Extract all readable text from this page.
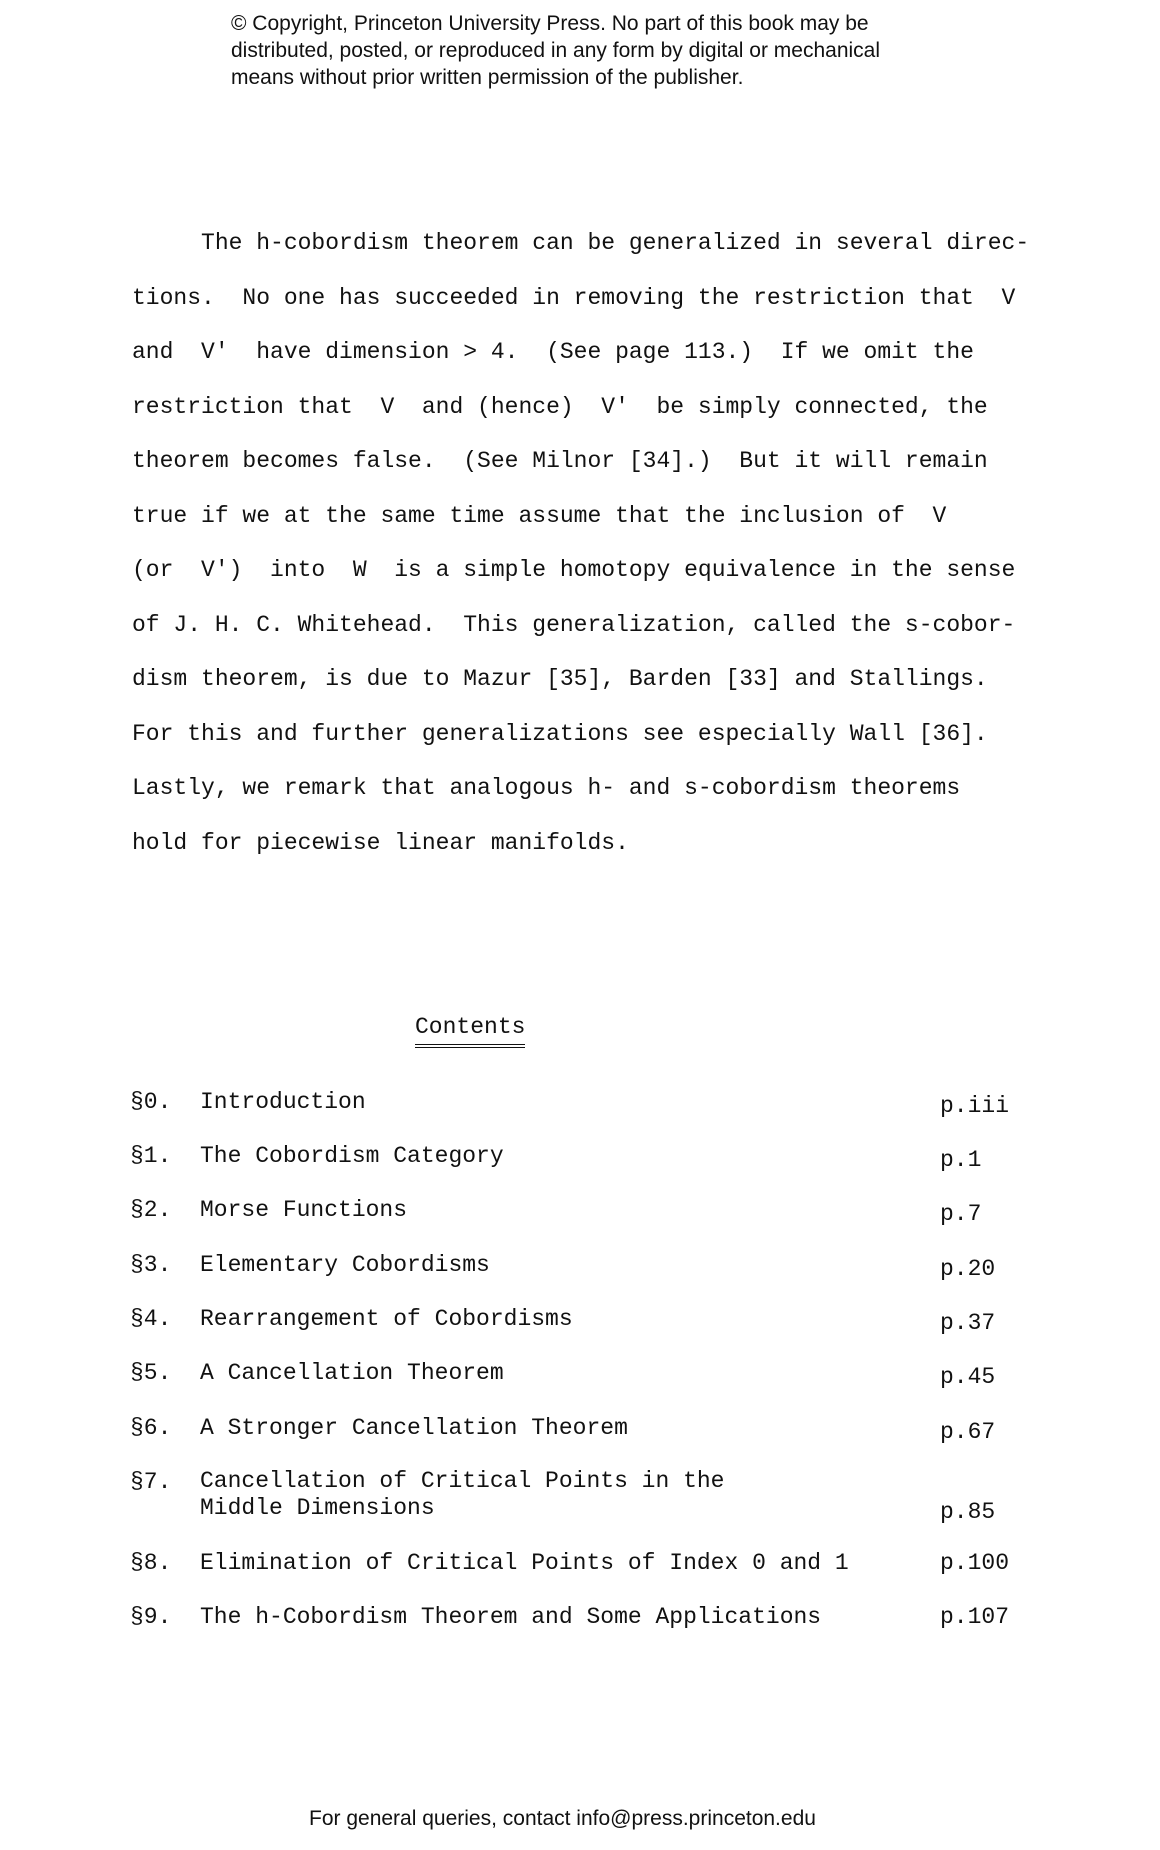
© Copyright, Princeton University Press. No part of this book may be
distributed, posted, or reproduced in any form by digital or mechanical
means without prior written permission of the publisher.
The h-cobordism theorem can be generalized in several direc-
tions.  No one has succeeded in removing the restriction that  V
and  V'  have dimension > 4.  (See page 113.)  If we omit the
restriction that  V  and (hence)  V'  be simply connected, the
theorem becomes false.  (See Milnor [34].)  But it will remain
true if we at the same time assume that the inclusion of  V
(or  V')  into  W  is a simple homotopy equivalence in the sense
of J. H. C. Whitehead.  This generalization, called the s-cobor-
dism theorem, is due to Mazur [35], Barden [33] and Stallings.
For this and further generalizations see especially Wall [36].
Lastly, we remark that analogous h- and s-cobordism theorems
hold for piecewise linear manifolds.
Contents
§0. Introduction	p.iii
§1. The Cobordism Category	p.1
§2. Morse Functions	p.7
§3. Elementary Cobordisms	p.20
§4. Rearrangement of Cobordisms	p.37
§5. A Cancellation Theorem	p.45
§6. A Stronger Cancellation Theorem	p.67
§7. Cancellation of Critical Points in the
Middle Dimensions	p.85
§8. Elimination of Critical Points of Index 0 and 1	p.100
§9. The h-Cobordism Theorem and Some Applications	p.107
For general queries, contact info@press.princeton.edu
